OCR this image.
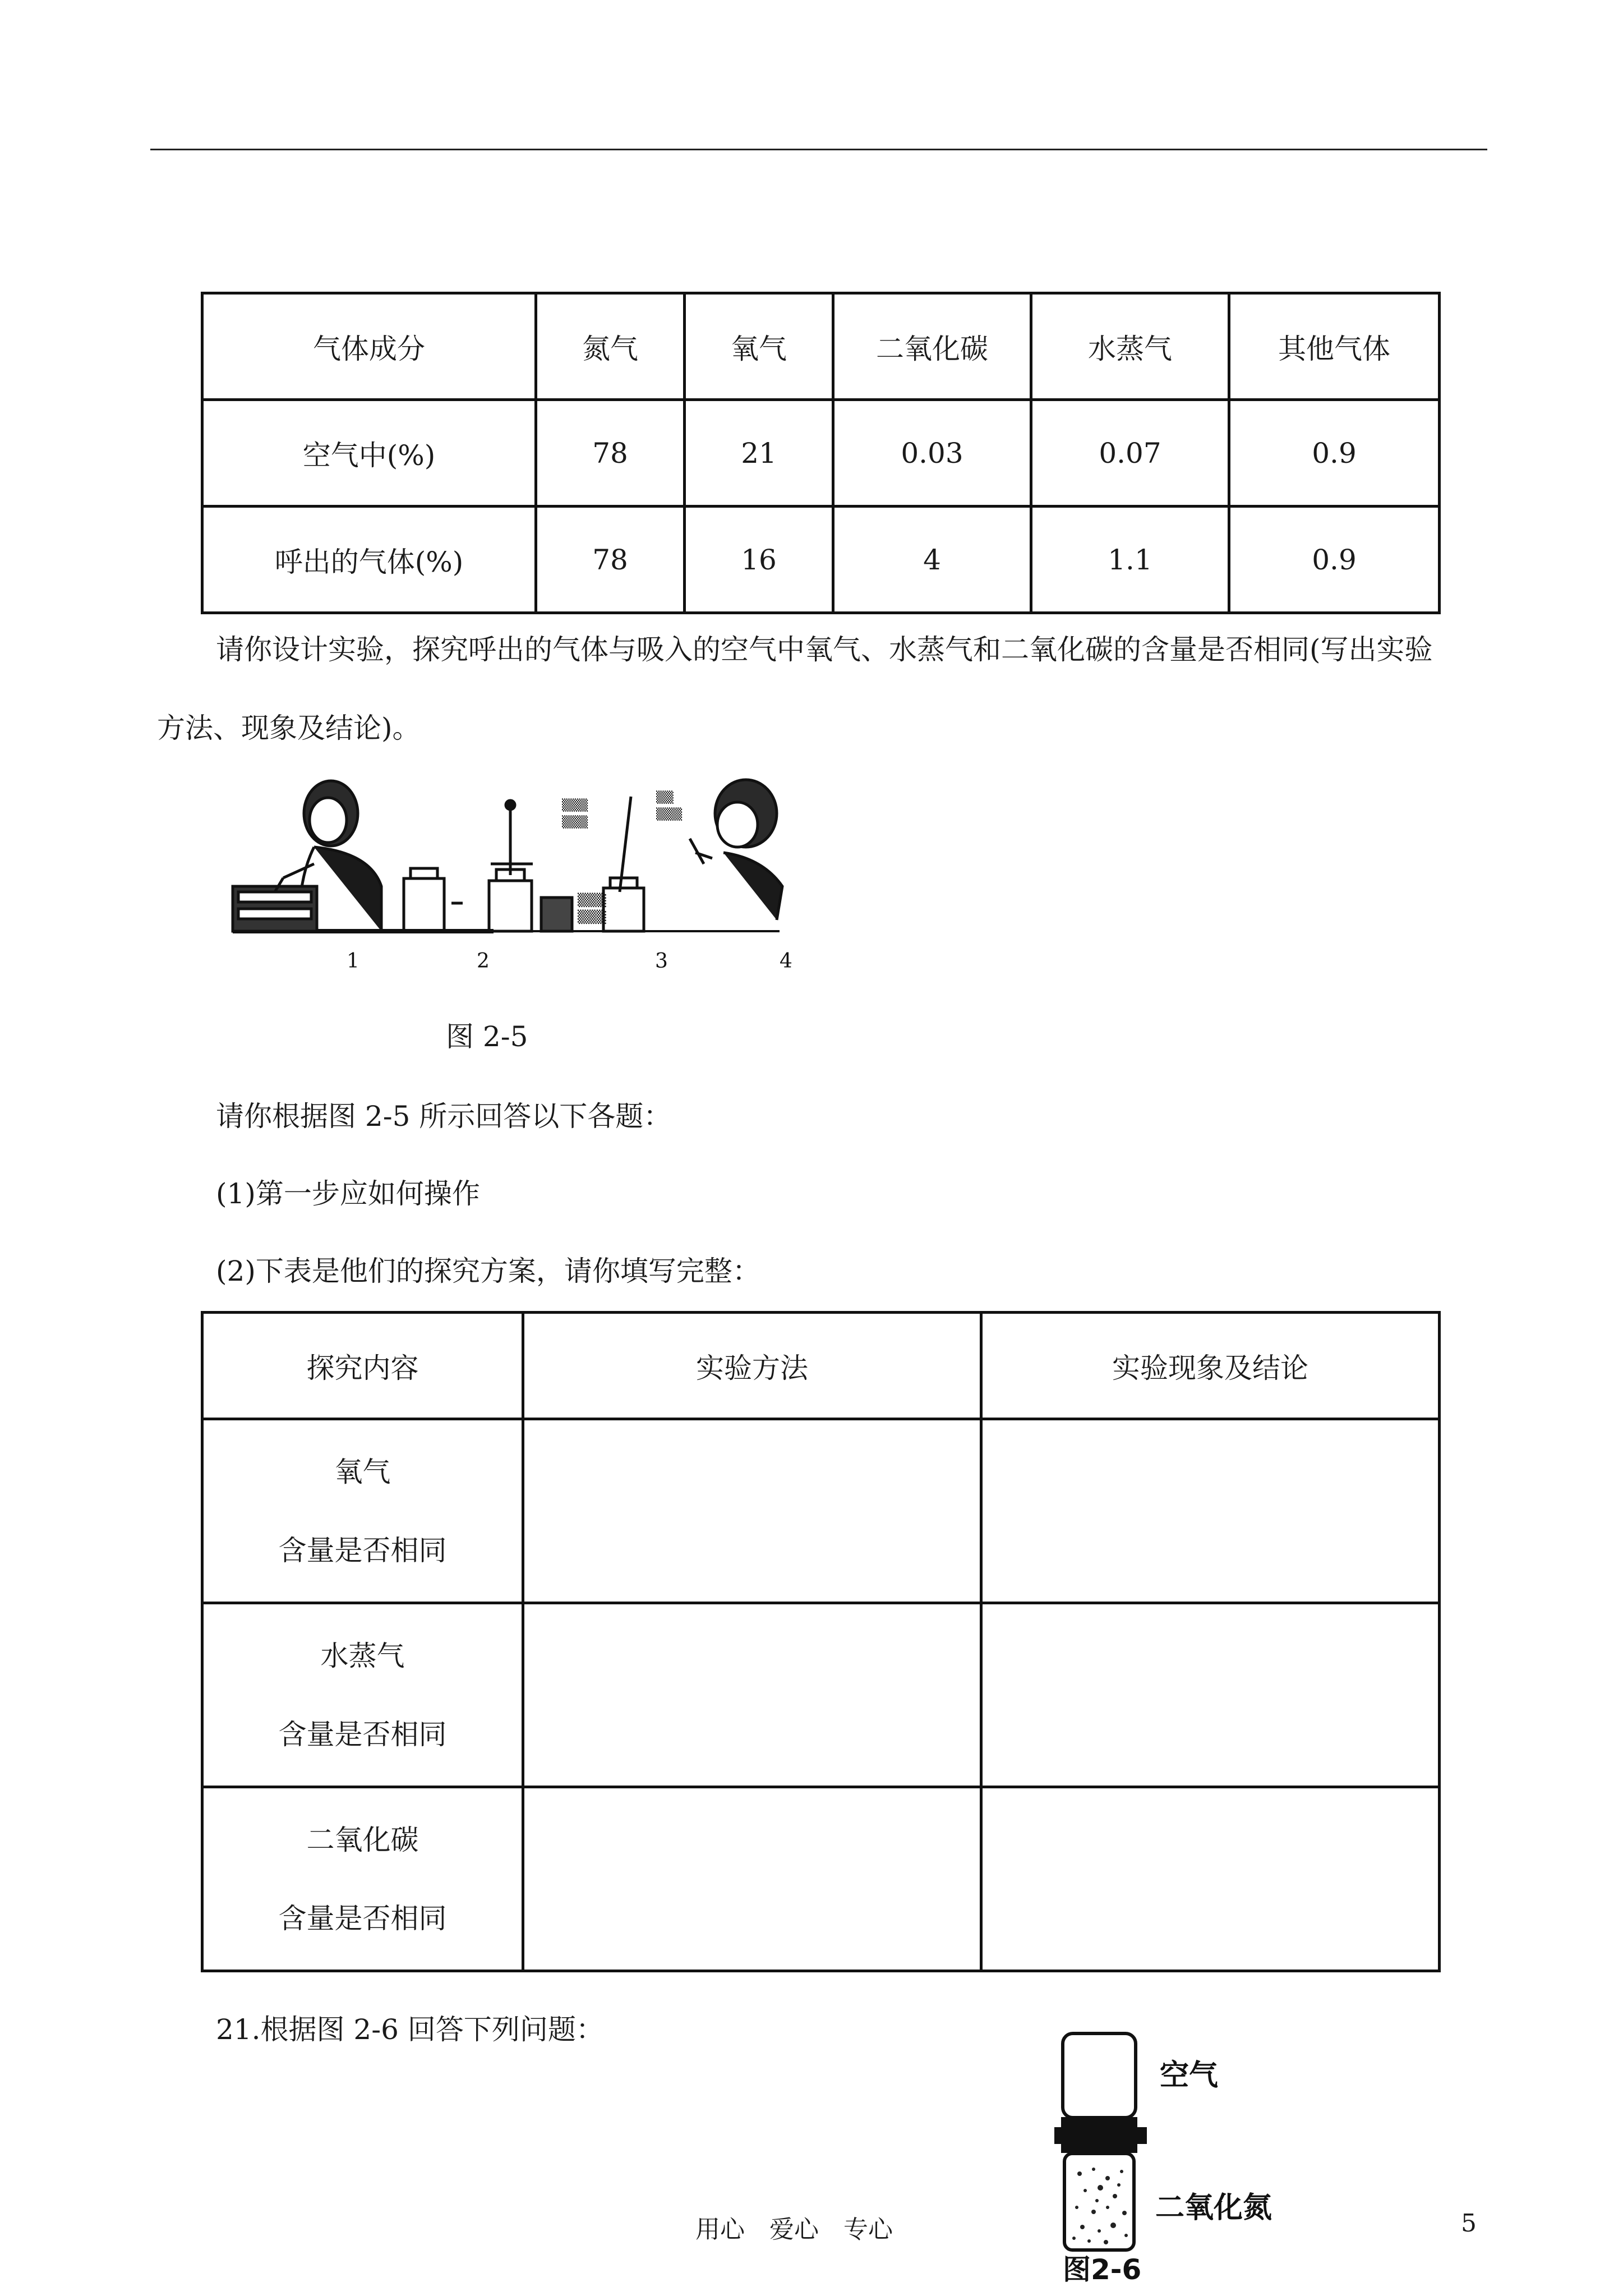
气体成分	氮气	氧气	二氧化碳	水蒸气	其他气体
空气中(%)	78	21	0.03	0.07	0.9
呼出的气体(%)	78	16	4	1.1	0.9
请你设计实验，探究呼出的气体与吸入的空气中氧气、水蒸气和二氧化碳的含量是否相同(写出实验
方法、现象及结论)。
▒▒▒
▒▒▒
▒▒▒
▒▒▒
▒▒
▒▒▒
1	2	3	4
图 2-5
请你根据图 2-5 所示回答以下各题：
(1)第一步应如何操作
(2)下表是他们的探究方案，请你填写完整：
探究内容	实验方法	实验现象及结论

氧气
含量是否相同		

水蒸气
含量是否相同		

二氧化碳
含量是否相同		

21.根据图 2-6 回答下列问题：
空气
二氧化氮
图2-6
用心　爱心　专心	5
